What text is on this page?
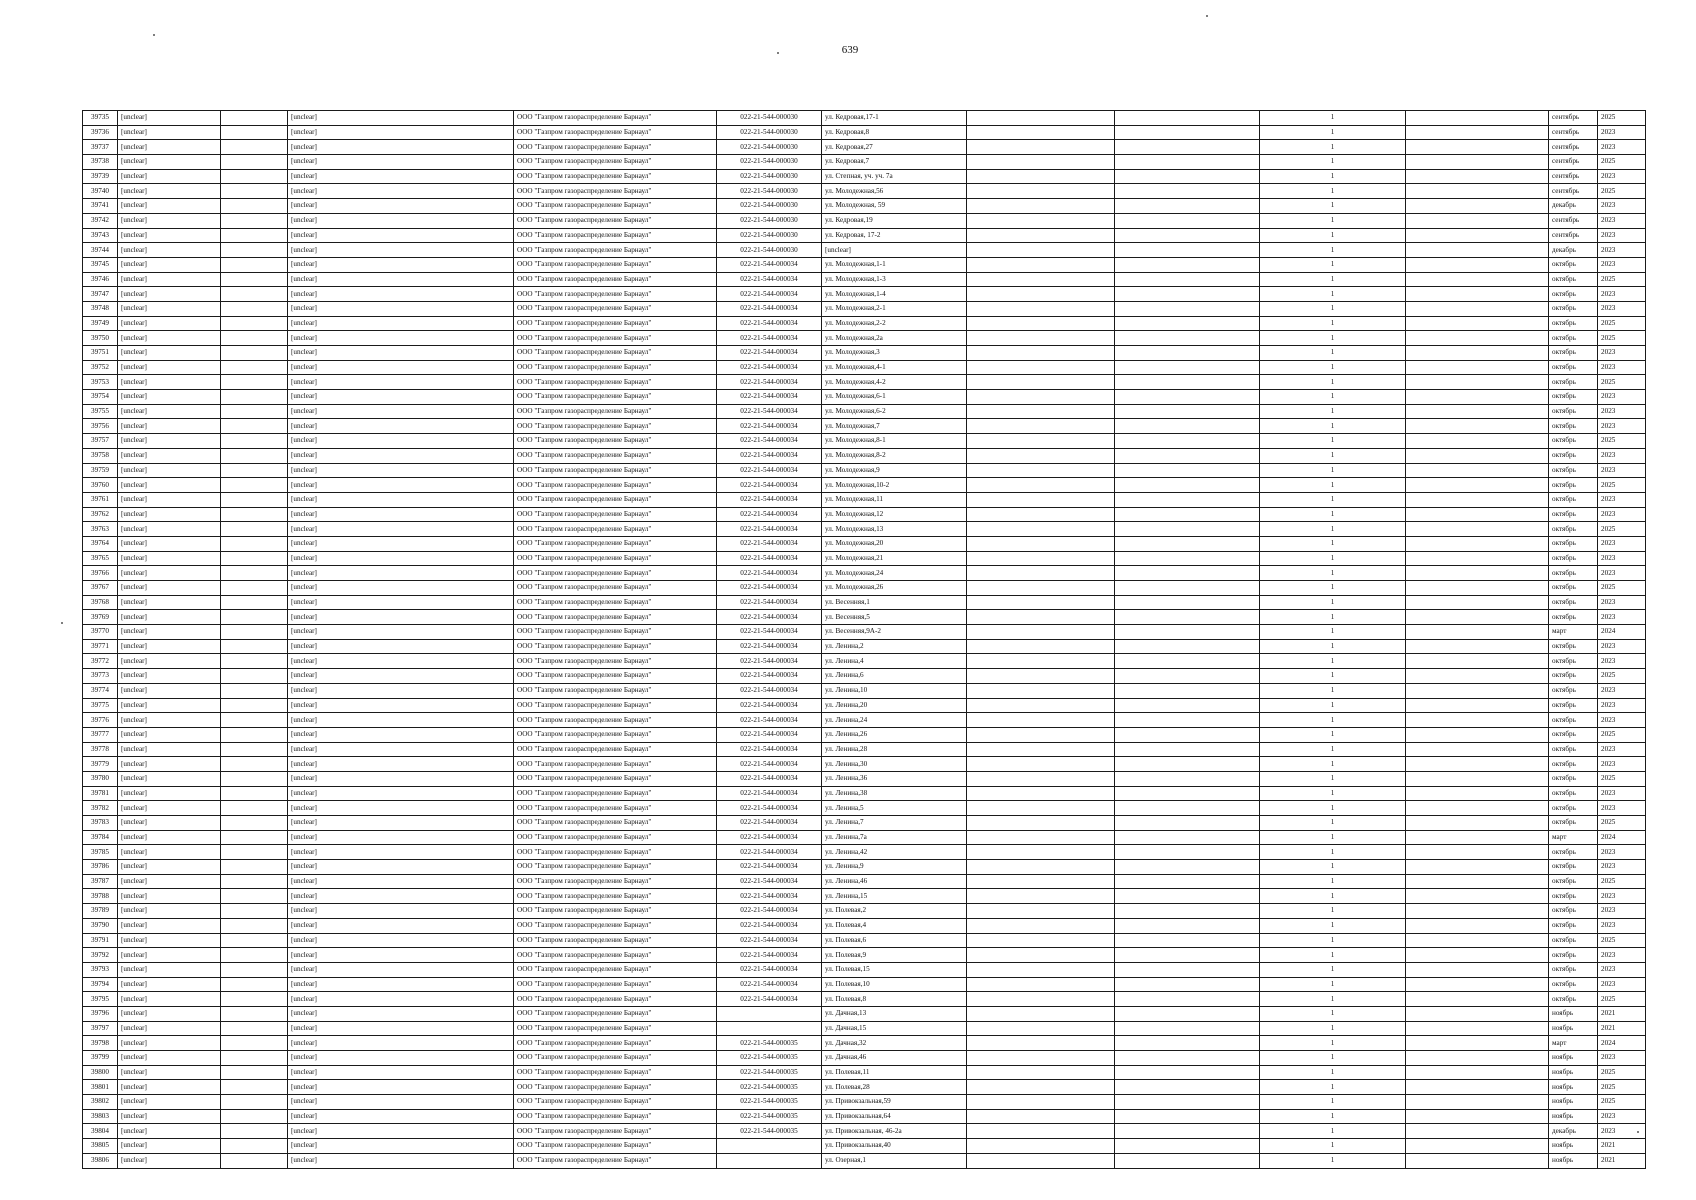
639
39735	[unclear]		[unclear]	ООО "Газпром газораспределение Барнаул"	022-21-544-000030	ул. Кедровая,17-1			1		сентябрь	2025
39736	[unclear]		[unclear]	ООО "Газпром газораспределение Барнаул"	022-21-544-000030	ул. Кедровая,8			1		сентябрь	2023
39737	[unclear]		[unclear]	ООО "Газпром газораспределение Барнаул"	022-21-544-000030	ул. Кедровая,27			1		сентябрь	2023
39738	[unclear]		[unclear]	ООО "Газпром газораспределение Барнаул"	022-21-544-000030	ул. Кедровая,7			1		сентябрь	2025
39739	[unclear]		[unclear]	ООО "Газпром газораспределение Барнаул"	022-21-544-000030	ул. Степная, уч. уч. 7а			1		сентябрь	2023
39740	[unclear]		[unclear]	ООО "Газпром газораспределение Барнаул"	022-21-544-000030	ул. Молодежная,56			1		сентябрь	2025
39741	[unclear]		[unclear]	ООО "Газпром газораспределение Барнаул"	022-21-544-000030	ул. Молодежная, 59			1		декабрь	2023
39742	[unclear]		[unclear]	ООО "Газпром газораспределение Барнаул"	022-21-544-000030	ул. Кедровая,19			1		сентябрь	2023
39743	[unclear]		[unclear]	ООО "Газпром газораспределение Барнаул"	022-21-544-000030	ул. Кедровая, 17-2			1		сентябрь	2023
39744	[unclear]		[unclear]	ООО "Газпром газораспределение Барнаул"	022-21-544-000030	[unclear]			1		декабрь	2023
39745	[unclear]		[unclear]	ООО "Газпром газораспределение Барнаул"	022-21-544-000034	ул. Молодежная,1-1			1		октябрь	2023
39746	[unclear]		[unclear]	ООО "Газпром газораспределение Барнаул"	022-21-544-000034	ул. Молодежная,1-3			1		октябрь	2025
39747	[unclear]		[unclear]	ООО "Газпром газораспределение Барнаул"	022-21-544-000034	ул. Молодежная,1-4			1		октябрь	2023
39748	[unclear]		[unclear]	ООО "Газпром газораспределение Барнаул"	022-21-544-000034	ул. Молодежная,2-1			1		октябрь	2023
39749	[unclear]		[unclear]	ООО "Газпром газораспределение Барнаул"	022-21-544-000034	ул. Молодежная,2-2			1		октябрь	2025
39750	[unclear]		[unclear]	ООО "Газпром газораспределение Барнаул"	022-21-544-000034	ул. Молодежная,2а			1		октябрь	2025
39751	[unclear]		[unclear]	ООО "Газпром газораспределение Барнаул"	022-21-544-000034	ул. Молодежная,3			1		октябрь	2023
39752	[unclear]		[unclear]	ООО "Газпром газораспределение Барнаул"	022-21-544-000034	ул. Молодежная,4-1			1		октябрь	2023
39753	[unclear]		[unclear]	ООО "Газпром газораспределение Барнаул"	022-21-544-000034	ул. Молодежная,4-2			1		октябрь	2025
39754	[unclear]		[unclear]	ООО "Газпром газораспределение Барнаул"	022-21-544-000034	ул. Молодежная,6-1			1		октябрь	2023
39755	[unclear]		[unclear]	ООО "Газпром газораспределение Барнаул"	022-21-544-000034	ул. Молодежная,6-2			1		октябрь	2023
39756	[unclear]		[unclear]	ООО "Газпром газораспределение Барнаул"	022-21-544-000034	ул. Молодежная,7			1		октябрь	2023
39757	[unclear]		[unclear]	ООО "Газпром газораспределение Барнаул"	022-21-544-000034	ул. Молодежная,8-1			1		октябрь	2025
39758	[unclear]		[unclear]	ООО "Газпром газораспределение Барнаул"	022-21-544-000034	ул. Молодежная,8-2			1		октябрь	2023
39759	[unclear]		[unclear]	ООО "Газпром газораспределение Барнаул"	022-21-544-000034	ул. Молодежная,9			1		октябрь	2023
39760	[unclear]		[unclear]	ООО "Газпром газораспределение Барнаул"	022-21-544-000034	ул. Молодежная,10-2			1		октябрь	2025
39761	[unclear]		[unclear]	ООО "Газпром газораспределение Барнаул"	022-21-544-000034	ул. Молодежная,11			1		октябрь	2023
39762	[unclear]		[unclear]	ООО "Газпром газораспределение Барнаул"	022-21-544-000034	ул. Молодежная,12			1		октябрь	2023
39763	[unclear]		[unclear]	ООО "Газпром газораспределение Барнаул"	022-21-544-000034	ул. Молодежная,13			1		октябрь	2025
39764	[unclear]		[unclear]	ООО "Газпром газораспределение Барнаул"	022-21-544-000034	ул. Молодежная,20			1		октябрь	2023
39765	[unclear]		[unclear]	ООО "Газпром газораспределение Барнаул"	022-21-544-000034	ул. Молодежная,21			1		октябрь	2023
39766	[unclear]		[unclear]	ООО "Газпром газораспределение Барнаул"	022-21-544-000034	ул. Молодежная,24			1		октябрь	2023
39767	[unclear]		[unclear]	ООО "Газпром газораспределение Барнаул"	022-21-544-000034	ул. Молодежная,26			1		октябрь	2025
39768	[unclear]		[unclear]	ООО "Газпром газораспределение Барнаул"	022-21-544-000034	ул. Весенняя,1			1		октябрь	2023
39769	[unclear]		[unclear]	ООО "Газпром газораспределение Барнаул"	022-21-544-000034	ул. Весенняя,5			1		октябрь	2023
39770	[unclear]		[unclear]	ООО "Газпром газораспределение Барнаул"	022-21-544-000034	ул. Весенняя,9А-2			1		март	2024
39771	[unclear]		[unclear]	ООО "Газпром газораспределение Барнаул"	022-21-544-000034	ул. Ленина,2			1		октябрь	2023
39772	[unclear]		[unclear]	ООО "Газпром газораспределение Барнаул"	022-21-544-000034	ул. Ленина,4			1		октябрь	2023
39773	[unclear]		[unclear]	ООО "Газпром газораспределение Барнаул"	022-21-544-000034	ул. Ленина,6			1		октябрь	2025
39774	[unclear]		[unclear]	ООО "Газпром газораспределение Барнаул"	022-21-544-000034	ул. Ленина,10			1		октябрь	2023
39775	[unclear]		[unclear]	ООО "Газпром газораспределение Барнаул"	022-21-544-000034	ул. Ленина,20			1		октябрь	2023
39776	[unclear]		[unclear]	ООО "Газпром газораспределение Барнаул"	022-21-544-000034	ул. Ленина,24			1		октябрь	2023
39777	[unclear]		[unclear]	ООО "Газпром газораспределение Барнаул"	022-21-544-000034	ул. Ленина,26			1		октябрь	2025
39778	[unclear]		[unclear]	ООО "Газпром газораспределение Барнаул"	022-21-544-000034	ул. Ленина,28			1		октябрь	2023
39779	[unclear]		[unclear]	ООО "Газпром газораспределение Барнаул"	022-21-544-000034	ул. Ленина,30			1		октябрь	2023
39780	[unclear]		[unclear]	ООО "Газпром газораспределение Барнаул"	022-21-544-000034	ул. Ленина,36			1		октябрь	2025
39781	[unclear]		[unclear]	ООО "Газпром газораспределение Барнаул"	022-21-544-000034	ул. Ленина,38			1		октябрь	2023
39782	[unclear]		[unclear]	ООО "Газпром газораспределение Барнаул"	022-21-544-000034	ул. Ленина,5			1		октябрь	2023
39783	[unclear]		[unclear]	ООО "Газпром газораспределение Барнаул"	022-21-544-000034	ул. Ленина,7			1		октябрь	2025
39784	[unclear]		[unclear]	ООО "Газпром газораспределение Барнаул"	022-21-544-000034	ул. Ленина,7а			1		март	2024
39785	[unclear]		[unclear]	ООО "Газпром газораспределение Барнаул"	022-21-544-000034	ул. Ленина,42			1		октябрь	2023
39786	[unclear]		[unclear]	ООО "Газпром газораспределение Барнаул"	022-21-544-000034	ул. Ленина,9			1		октябрь	2023
39787	[unclear]		[unclear]	ООО "Газпром газораспределение Барнаул"	022-21-544-000034	ул. Ленина,46			1		октябрь	2025
39788	[unclear]		[unclear]	ООО "Газпром газораспределение Барнаул"	022-21-544-000034	ул. Ленина,15			1		октябрь	2023
39789	[unclear]		[unclear]	ООО "Газпром газораспределение Барнаул"	022-21-544-000034	ул. Полевая,2			1		октябрь	2023
39790	[unclear]		[unclear]	ООО "Газпром газораспределение Барнаул"	022-21-544-000034	ул. Полевая,4			1		октябрь	2023
39791	[unclear]		[unclear]	ООО "Газпром газораспределение Барнаул"	022-21-544-000034	ул. Полевая,6			1		октябрь	2025
39792	[unclear]		[unclear]	ООО "Газпром газораспределение Барнаул"	022-21-544-000034	ул. Полевая,9			1		октябрь	2023
39793	[unclear]		[unclear]	ООО "Газпром газораспределение Барнаул"	022-21-544-000034	ул. Полевая,15			1		октябрь	2023
39794	[unclear]		[unclear]	ООО "Газпром газораспределение Барнаул"	022-21-544-000034	ул. Полевая,10			1		октябрь	2023
39795	[unclear]		[unclear]	ООО "Газпром газораспределение Барнаул"	022-21-544-000034	ул. Полевая,8			1		октябрь	2025
39796	[unclear]		[unclear]	ООО "Газпром газораспределение Барнаул"		ул. Дачная,13			1		ноябрь	2021
39797	[unclear]		[unclear]	ООО "Газпром газораспределение Барнаул"		ул. Дачная,15			1		ноябрь	2021
39798	[unclear]		[unclear]	ООО "Газпром газораспределение Барнаул"	022-21-544-000035	ул. Дачная,32			1		март	2024
39799	[unclear]		[unclear]	ООО "Газпром газораспределение Барнаул"	022-21-544-000035	ул. Дачная,46			1		ноябрь	2023
39800	[unclear]		[unclear]	ООО "Газпром газораспределение Барнаул"	022-21-544-000035	ул. Полевая,11			1		ноябрь	2025
39801	[unclear]		[unclear]	ООО "Газпром газораспределение Барнаул"	022-21-544-000035	ул. Полевая,28			1		ноябрь	2025
39802	[unclear]		[unclear]	ООО "Газпром газораспределение Барнаул"	022-21-544-000035	ул. Привокзальная,59			1		ноябрь	2025
39803	[unclear]		[unclear]	ООО "Газпром газораспределение Барнаул"	022-21-544-000035	ул. Привокзальная,64			1		ноябрь	2023
39804	[unclear]		[unclear]	ООО "Газпром газораспределение Барнаул"	022-21-544-000035	ул. Привокзальная, 46-2а			1		декабрь	2023
39805	[unclear]		[unclear]	ООО "Газпром газораспределение Барнаул"		ул. Привокзальная,40			1		ноябрь	2021
39806	[unclear]		[unclear]	ООО "Газпром газораспределение Барнаул"		ул. Озерная,1			1		ноябрь	2021
